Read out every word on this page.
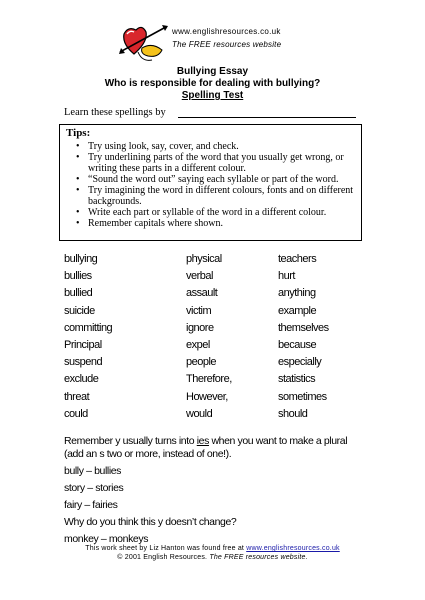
www.englishresources.co.uk
The FREE resources website
Bullying Essay
Who is responsible for dealing with bullying?
Spelling Test
Learn these spellings by
Tips:
• Try using look, say, cover, and check.
• Try underlining parts of the word that you usually get wrong, or writing these parts in a different colour.
• “Sound the word out” saying each syllable or part of the word.
• Try imagining the word in different colours, fonts and on different backgrounds.
• Write each part or syllable of the word in a different colour.
• Remember capitals where shown.
bullying
bullies
bullied
suicide
committing
Principal
suspend
exclude
threat
could
physical
verbal
assault
victim
ignore
expel
people
Therefore,
However,
would
teachers
hurt
anything
example
themselves
because
especially
statistics
sometimes
should
Remember y usually turns into ies when you want to make a plural (add an s two or more, instead of one!).
bully – bullies
story – stories
fairy – fairies
Why do you think this y doesn’t change?
monkey – monkeys
This work sheet by Liz Hanton was found free at www.englishresources.co.uk
© 2001 English Resources. The FREE resources website.
